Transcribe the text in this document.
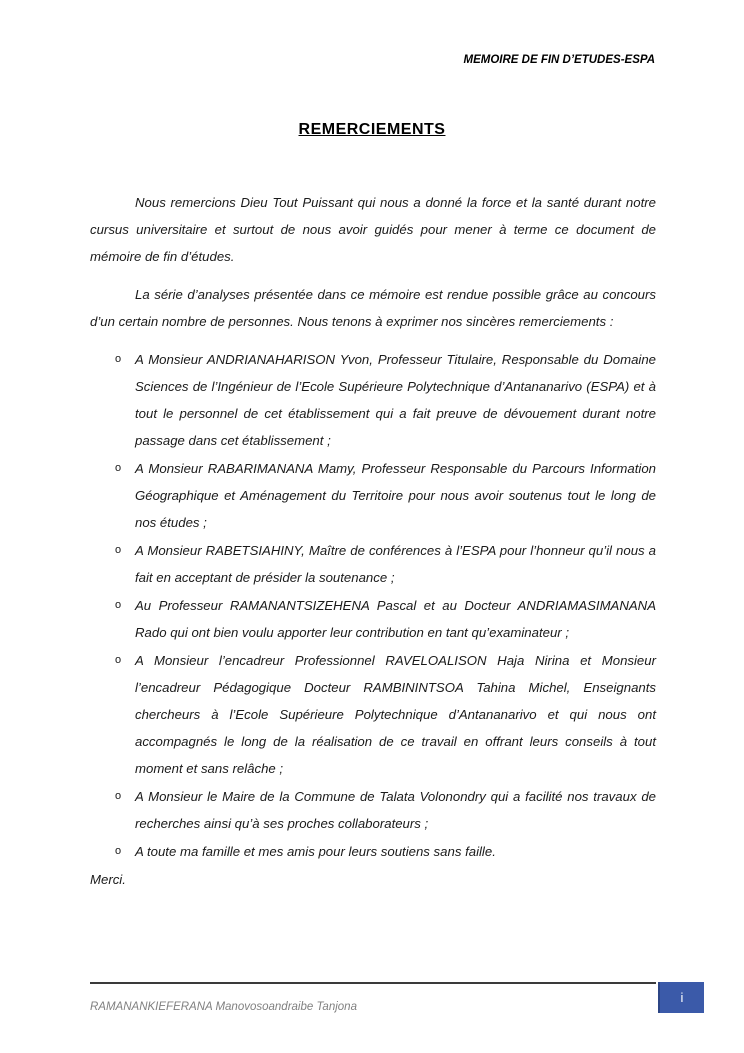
MEMOIRE DE FIN D’ETUDES-ESPA
REMERCIEMENTS

Nous remercions Dieu Tout Puissant qui nous a donné la force et la santé durant notre cursus universitaire et surtout de nous avoir guidés pour mener à terme ce document de mémoire de fin d’études.

La série d’analyses présentée dans ce mémoire est rendue possible grâce au concours d’un certain nombre de personnes. Nous tenons à exprimer nos sincères remerciements :

o A Monsieur ANDRIANAHARISON Yvon, Professeur Titulaire, Responsable du Domaine Sciences de l’Ingénieur de l’Ecole Supérieure Polytechnique d’Antananarivo (ESPA) et à tout le personnel de cet établissement qui a fait preuve de dévouement durant notre passage dans cet établissement ;
o A Monsieur RABARIMANANA Mamy, Professeur Responsable du Parcours Information Géographique et Aménagement du Territoire pour nous avoir soutenus tout le long de nos études ;
o A Monsieur RABETSIAHINY, Maître de conférences à l’ESPA pour l’honneur qu’il nous a fait en acceptant de présider la soutenance ;
o Au Professeur RAMANANTSIZEHENA Pascal et au Docteur ANDRIAMASIMANANA Rado qui ont bien voulu apporter leur contribution en tant qu’examinateur ;
o A Monsieur l’encadreur Professionnel RAVELOALISON Haja Nirina et Monsieur l’encadreur Pédagogique Docteur RAMBININTSOA Tahina Michel, Enseignants chercheurs à l’Ecole Supérieure Polytechnique d’Antananarivo et qui nous ont accompagnés le long de la réalisation de ce travail en offrant leurs conseils à tout moment et sans relâche ;
o A Monsieur le Maire de la Commune de Talata Volonondry qui a facilité nos travaux de recherches ainsi qu’à ses proches collaborateurs ;
o A toute ma famille et mes amis pour leurs soutiens sans faille.

Merci.

i
RAMANANKIEFERANA Manovosoandraibe Tanjona
